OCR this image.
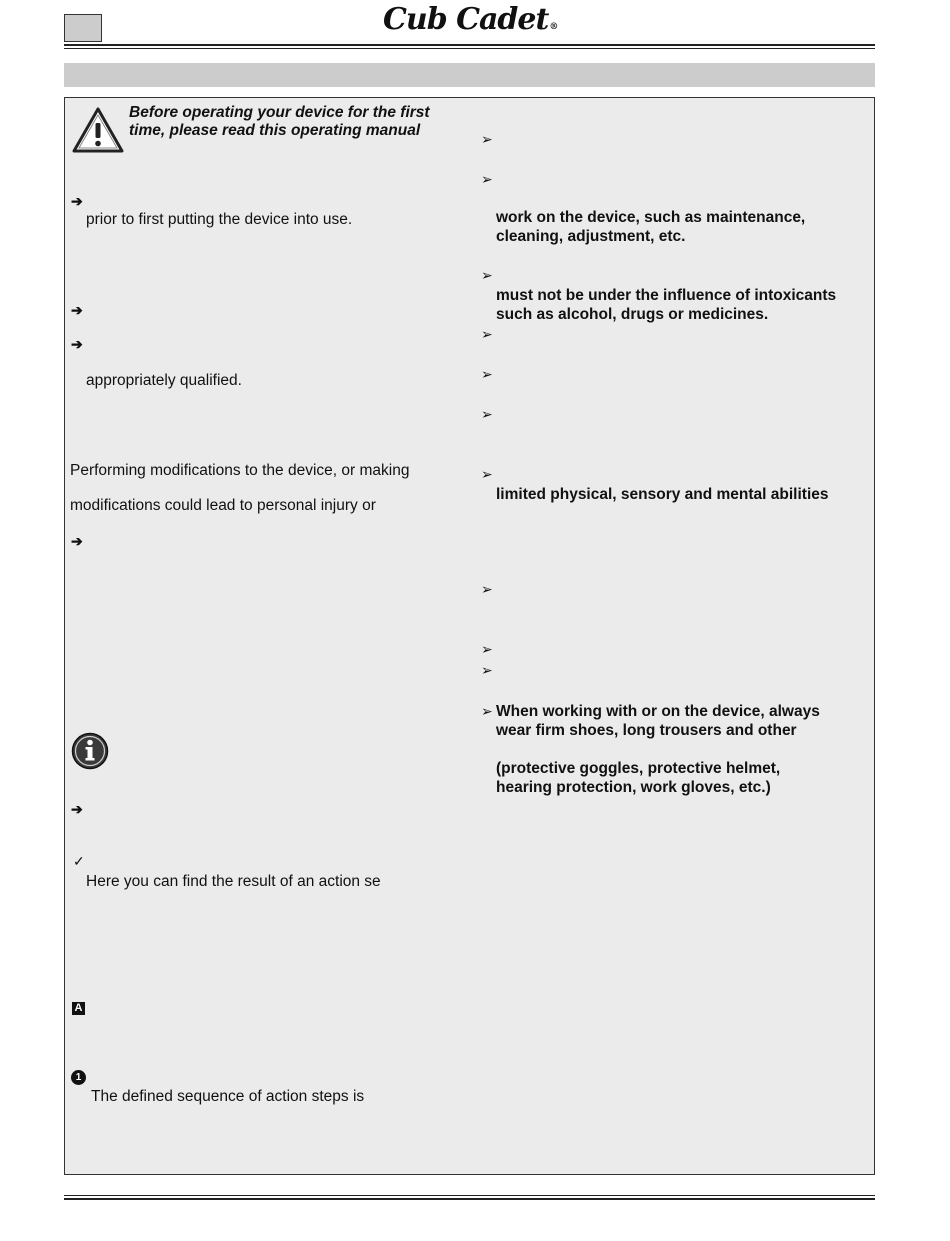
Cub Cadet®
Before operating your device for the first
time, please read this operating manual
➔
prior to first putting the device into use.
➔
➔
appropriately qualified.
Performing modifications to the device, or making
modifications could lead to personal injury or
➔
➔
✓
Here you can find the result of an action se
A
1
The defined sequence of action steps is
➢
➢
work on the device, such as maintenance,
cleaning, adjustment, etc.
➢
must not be under the influence of intoxicants
such as alcohol, drugs or medicines.
➢
➢
➢
➢
limited physical, sensory and mental abilities
➢
➢
➢
➢ When working with or on the device, always
wear firm shoes, long trousers and other
(protective goggles, protective helmet,
hearing protection, work gloves, etc.)
